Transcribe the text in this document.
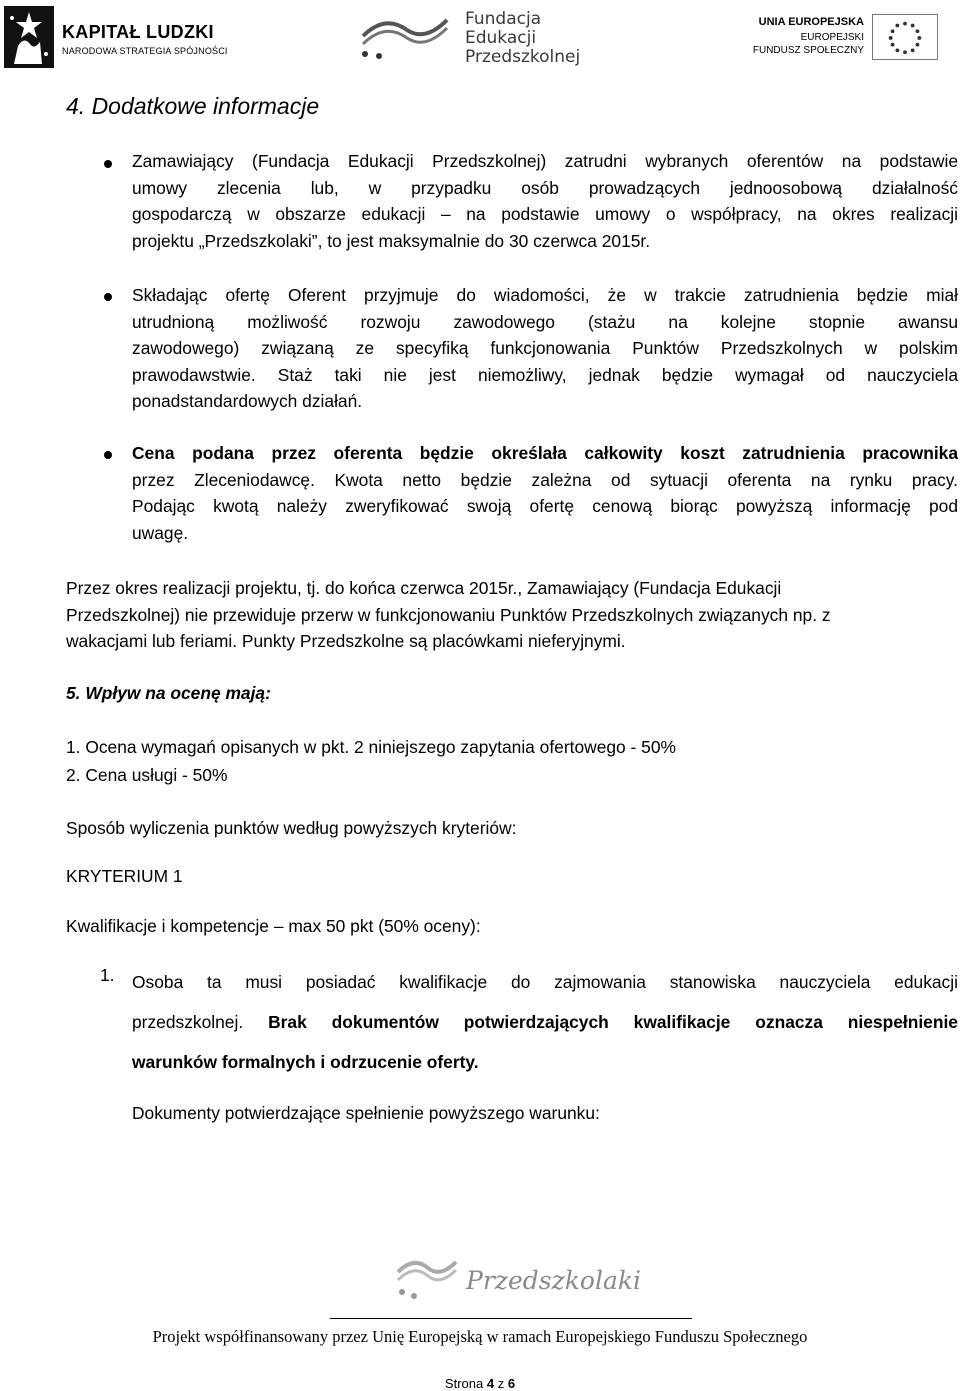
KAPITAŁ LUDZKI
NARODOWA STRATEGIA SPÓJNOŚCI
Fundacja
Edukacji
Przedszkolnej
UNIA EUROPEJSKA
EUROPEJSKI
FUNDUSZ SPOŁECZNY
4. Dodatkowe informacje
Zamawiający (Fundacja Edukacji Przedszkolnej) zatrudni wybranych oferentów na podstawie
umowy zlecenia lub, w przypadku osób prowadzących jednoosobową działalność
gospodarczą w obszarze edukacji – na podstawie umowy o współpracy, na okres realizacji
projektu „Przedszkolaki”, to jest maksymalnie do 30 czerwca 2015r.
Składając ofertę Oferent przyjmuje do wiadomości, że w trakcie zatrudnienia będzie miał
utrudnioną możliwość rozwoju zawodowego (stażu na kolejne stopnie awansu
zawodowego) związaną ze specyfiką funkcjonowania Punktów Przedszkolnych w polskim
prawodawstwie. Staż taki nie jest niemożliwy, jednak będzie wymagał od nauczyciela
ponadstandardowych działań.
Cena podana przez oferenta będzie określała całkowity koszt zatrudnienia pracownika
przez Zleceniodawcę. Kwota netto będzie zależna od sytuacji oferenta na rynku pracy.
Podając kwotą należy zweryfikować swoją ofertę cenową biorąc powyższą informację pod
uwagę.
Przez okres realizacji projektu, tj. do końca czerwca 2015r., Zamawiający (Fundacja Edukacji
Przedszkolnej) nie przewiduje przerw w funkcjonowaniu Punktów Przedszkolnych związanych np. z
wakacjami lub feriami. Punkty Przedszkolne są placówkami nieferyjnymi.
5. Wpływ na ocenę mają:
1. Ocena wymagań opisanych w pkt. 2 niniejszego zapytania ofertowego - 50%
2. Cena usługi - 50%
Sposób wyliczenia punktów według powyższych kryteriów:
KRYTERIUM 1
Kwalifikacje i kompetencje – max 50 pkt (50% oceny):
1. Osoba ta musi posiadać kwalifikacje do zajmowania stanowiska nauczyciela edukacji
przedszkolnej. Brak dokumentów potwierdzających kwalifikacje oznacza niespełnienie
warunków formalnych i odrzucenie oferty.
Dokumenty potwierdzające spełnienie powyższego warunku:
Przedszkolaki
Projekt współfinansowany przez Unię Europejską w ramach Europejskiego Funduszu Społecznego
Strona 4 z 6
